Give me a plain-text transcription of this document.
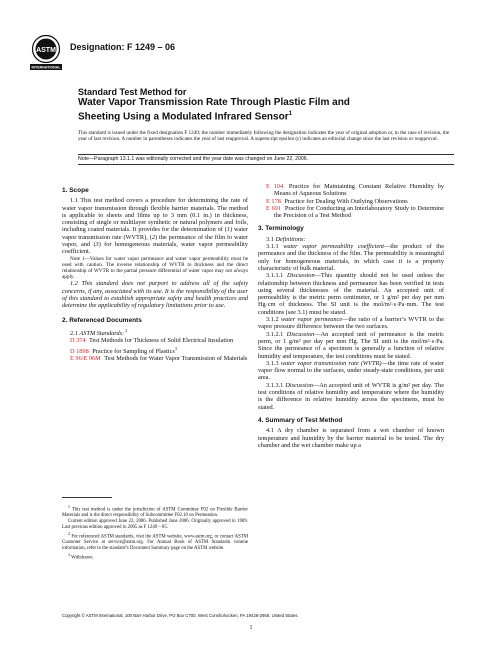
ASTM
INTERNATIONAL
Designation: F 1249 – 06
Standard Test Method for
Water Vapor Transmission Rate Through Plastic Film and
Sheeting Using a Modulated Infrared Sensor$^1$
This standard is issued under the fixed designation F 1249; the number immediately following the designation indicates the year of original adoption or, in the case of revision, the year of last revision. A number in parentheses indicates the year of last reapproval. A superscript epsilon (ε) indicates an editorial change since the last revision or reapproval.
Note—Paragraph 13.1.1 was editorially corrected and the year date was changed on June 22, 2006.
1. Scope

1.1 This test method covers a procedure for determining the rate of water vapor transmission through flexible barrier materials. The method is applicable to sheets and films up to 3 mm (0.1 in.) in thickness, consisting of single or multilayer synthetic or natural polymers and foils, including coated materials. It provides for the determination of (1) water vapor transmission rate (WVTR), (2) the permeance of the film to water vapor, and (3) for homogeneous materials, water vapor permeability coefficient.

Note 1—Values for water vapor permeance and water vapor permeability must be used with caution. The inverse relationship of WVTR to thickness and the direct relationship of WVTR to the partial pressure differential of water vapor may not always apply.

1.2 This standard does not purport to address all of the safety concerns, if any, associated with its use. It is the responsibility of the user of this standard to establish appropriate safety and health practices and determine the applicability of regulatory limitations prior to use.

2. Referenced Documents

2.1 ASTM Standards: $^2$

D 374 Test Methods for Thickness of Solid Electrical Insulation
D 1898 Practice for Sampling of Plastics$^3$
E 96/E 96M Test Methods for Water Vapor Transmission of Materials
E 104 Practice for Maintaining Constant Relative Humidity by Means of Aqueous Solutions
E 178 Practice for Dealing With Outlying Observations
E 691 Practice for Conducting an Interlaboratory Study to Determine the Precision of a Test Method
3. Terminology

3.1 Definitions:

3.1.1 water vapor permeability coefficient—the product of the permeance and the thickness of the film. The permeability is meaningful only for homogeneous materials, in which case it is a property characteristic of bulk material.

3.1.1.1 Discussion—This quantity should not be used unless the relationship between thickness and permeance has been verified in tests using several thicknesses of the material. An accepted unit of permeability is the metric perm centimeter, or 1 g/m² per day per mm Hg·cm of thickness. The SI unit is the mol/m²·s·Pa·mm. The test conditions (see 3.1) must be stated.

3.1.2 water vapor permeance—the ratio of a barrier’s WVTR to the vapor pressure difference between the two surfaces.

3.1.2.1 Discussion—An accepted unit of permeance is the metric perm, or 1 g/m² per day per mm Hg. The SI unit is the mol/m²·s·Pa. Since the permeance of a specimen is generally a function of relative humidity and temperature, the test conditions must be stated.

3.1.3 water vapor transmission rate (WVTR)—the time rate of water vapor flow normal to the surfaces, under steady-state conditions, per unit area.

3.1.3.1 Discussion—An accepted unit of WVTR is g/m² per day. The test conditions of relative humidity and temperature where the humidity is the difference in relative humidity across the specimens, must be stated.

4. Summary of Test Method

4.1 A dry chamber is separated from a wet chamber of known temperature and humidity by the barrier material to be tested. The dry chamber and the wet chamber make up a

$^1$ This test method is under the jurisdiction of ASTM Committee F02 on Flexible Barrier Materials and is the direct responsibility of Subcommittee F02.10 on Permeation.

Current edition approved June 22, 2006. Published June 2006. Originally approved in 1989. Last previous edition approved in 2005 as F 1249 – 05.

$^2$ For referenced ASTM standards, visit the ASTM website, www.astm.org, or contact ASTM Customer Service at service@astm.org. For Annual Book of ASTM Standards volume information, refer to the standard’s Document Summary page on the ASTM website.

$^3$ Withdrawn.

Copyright © ASTM International, 100 Barr Harbor Drive, PO Box C700, West Conshohocken, PA 19428-2959, United States.
1
